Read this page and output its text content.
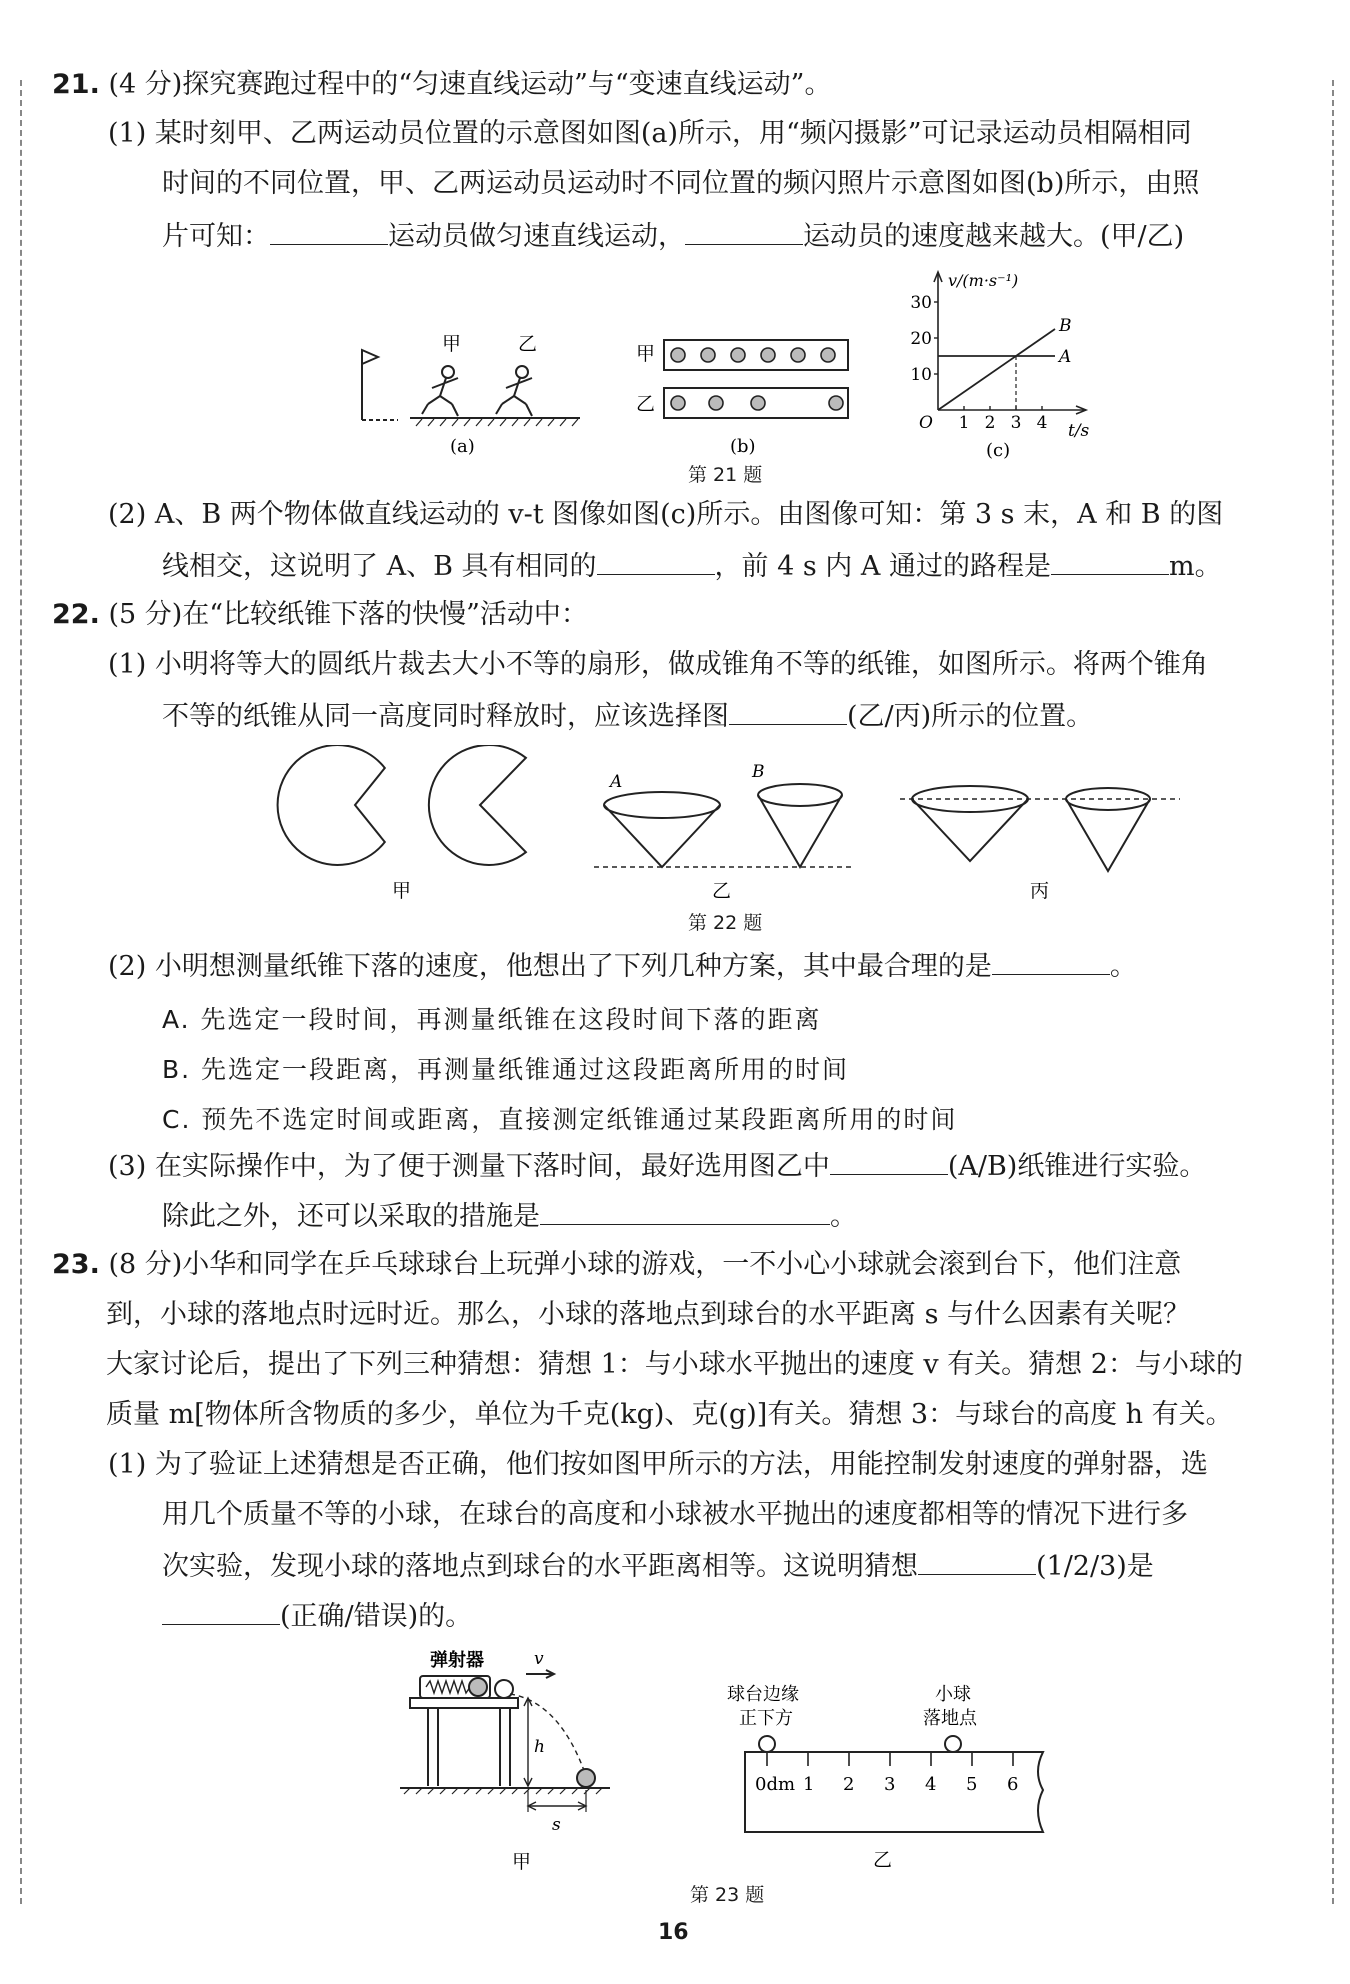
21. (4 分)探究赛跑过程中的“匀速直线运动”与“变速直线运动”。
(1) 某时刻甲、乙两运动员位置的示意图如图(a)所示，用“频闪摄影”可记录运动员相隔相同
时间的不同位置，甲、乙两运动员运动时不同位置的频闪照片示意图如图(b)所示，由照
片可知：	运动员做匀速直线运动，	运动员的速度越来越大。(甲/乙)
甲	乙
(a)
甲
乙
(b)
A
B
30
20
10
O 1 2 3 4
v/(m·s⁻¹)
t/s
(c)
第 21 题
(2) A、B 两个物体做直线运动的 v-t 图像如图(c)所示。由图像可知：第 3 s 末，A 和 B 的图
线相交，这说明了 A、B 具有相同的	，前 4 s 内 A 通过的路程是	m。
22. (5 分)在“比较纸锥下落的快慢”活动中：
(1) 小明将等大的圆纸片裁去大小不等的扇形，做成锥角不等的纸锥，如图所示。将两个锥角
不等的纸锥从同一高度同时释放时，应该选择图	(乙/丙)所示的位置。
A	B
甲	乙	丙
第 22 题
(2) 小明想测量纸锥下落的速度，他想出了下列几种方案，其中最合理的是	。
A. 先选定一段时间，再测量纸锥在这段时间下落的距离
B. 先选定一段距离，再测量纸锥通过这段距离所用的时间
C. 预先不选定时间或距离，直接测定纸锥通过某段距离所用的时间
(3) 在实际操作中，为了便于测量下落时间，最好选用图乙中	(A/B)纸锥进行实验。
除此之外，还可以采取的措施是	。
23. (8 分)小华和同学在乒乓球球台上玩弹小球的游戏，一不小心小球就会滚到台下，他们注意
到，小球的落地点时远时近。那么，小球的落地点到球台的水平距离 s 与什么因素有关呢？
大家讨论后，提出了下列三种猜想：猜想 1：与小球水平抛出的速度 v 有关。猜想 2：与小球的
质量 m[物体所含物质的多少，单位为千克(kg)、克(g)]有关。猜想 3：与球台的高度 h 有关。
(1) 为了验证上述猜想是否正确，他们按如图甲所示的方法，用能控制发射速度的弹射器，选
用几个质量不等的小球，在球台的高度和小球被水平抛出的速度都相等的情况下进行多
次实验，发现小球的落地点到球台的水平距离相等。这说明猜想	(1/2/3)是
(正确/错误)的。
弹射器	v
h
s
甲
球台边缘
正下方
小球
落地点
0dm 1 2 3 4 5 6
乙
第 23 题
16
